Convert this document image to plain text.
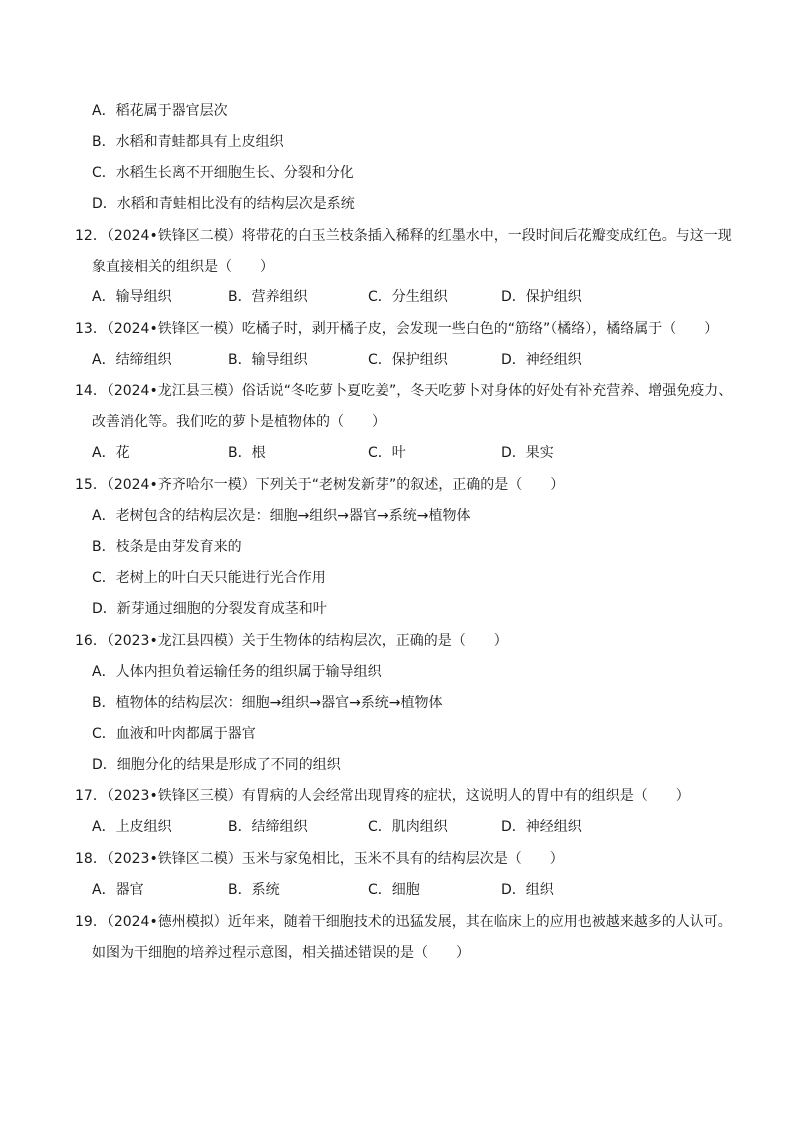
A．稻花属于器官层次
B．水稻和青蛙都具有上皮组织
C．水稻生长离不开细胞生长、分裂和分化
D．水稻和青蛙相比没有的结构层次是系统
12．（2024•铁锋区二模）将带花的白玉兰枝条插入稀释的红墨水中，一段时间后花瓣变成红色。与这一现
象直接相关的组织是（　　）
A．输导组织	B．营养组织	C．分生组织	D．保护组织
13．（2024•铁锋区一模）吃橘子时，剥开橘子皮，会发现一些白色的“筋络”（橘络），橘络属于（　　）
A．结缔组织	B．输导组织	C．保护组织	D．神经组织
14．（2024•龙江县三模）俗话说“冬吃萝卜夏吃姜”，冬天吃萝卜对身体的好处有补充营养、增强免疫力、
改善消化等。我们吃的萝卜是植物体的（　　）
A．花	B．根	C．叶	D．果实
15．（2024•齐齐哈尔一模）下列关于“老树发新芽”的叙述，正确的是（　　）
A．老树包含的结构层次是：细胞→组织→器官→系统→植物体
B．枝条是由芽发育来的
C．老树上的叶白天只能进行光合作用
D．新芽通过细胞的分裂发育成茎和叶
16．（2023•龙江县四模）关于生物体的结构层次，正确的是（　　）
A．人体内担负着运输任务的组织属于输导组织
B．植物体的结构层次：细胞→组织→器官→系统→植物体
C．血液和叶肉都属于器官
D．细胞分化的结果是形成了不同的组织
17．（2023•铁锋区三模）有胃病的人会经常出现胃疼的症状，这说明人的胃中有的组织是（　　）
A．上皮组织	B．结缔组织	C．肌肉组织	D．神经组织
18．（2023•铁锋区二模）玉米与家兔相比，玉米不具有的结构层次是（　　）
A．器官	B．系统	C．细胞	D．组织
19．（2024•德州模拟）近年来，随着干细胞技术的迅猛发展，其在临床上的应用也被越来越多的人认可。
如图为干细胞的培养过程示意图，相关描述错误的是（　　）
